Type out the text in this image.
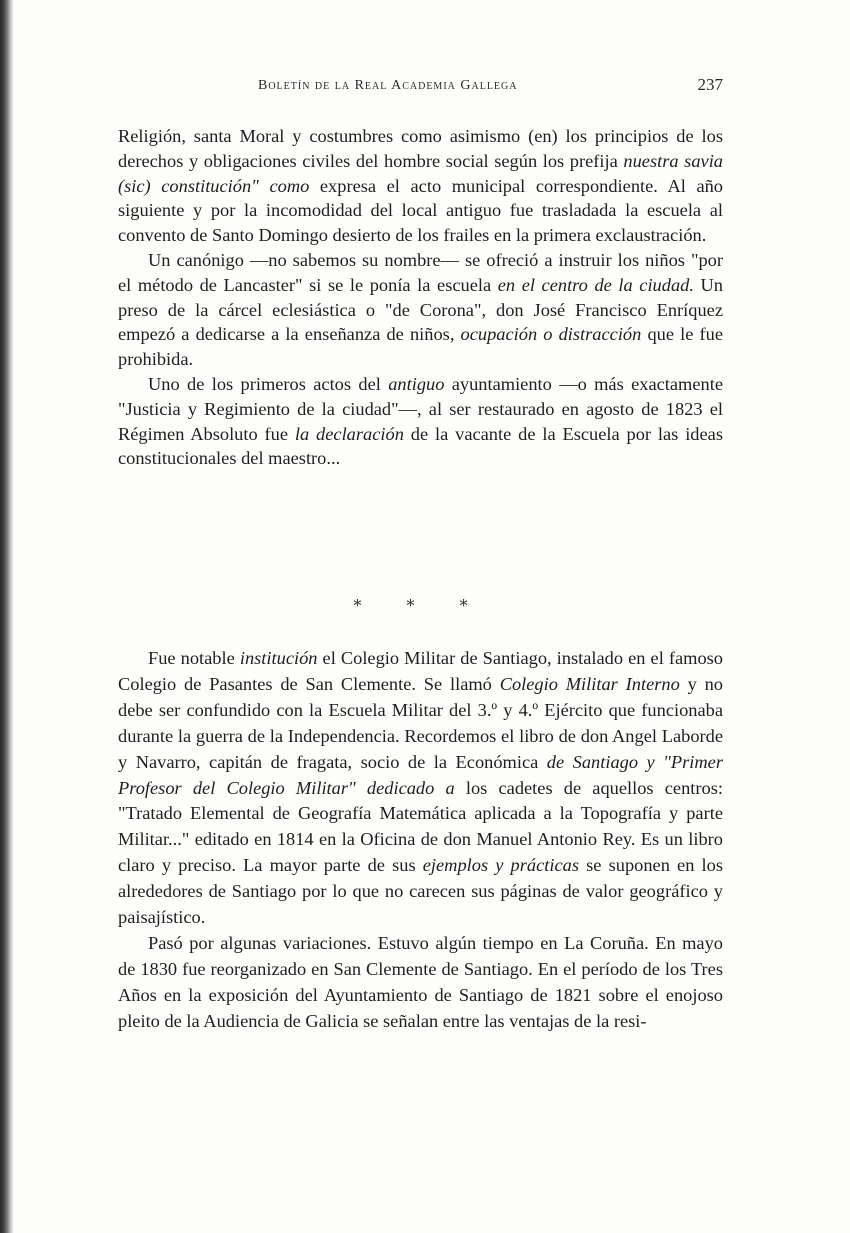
Boletín de la Real Academia Gallega	237

Religión, santa Moral y costumbres como asimismo (en) los principios de los derechos y obligaciones civiles del hombre social según los prefija nuestra savia (sic) constitución" como expresa el acto municipal correspondiente. Al año siguiente y por la incomodidad del local antiguo fue trasladada la escuela al convento de Santo Domingo desierto de los frailes en la primera exclaustración.

Un canónigo —no sabemos su nombre— se ofreció a instruir los niños "por el método de Lancaster" si se le ponía la escuela en el centro de la ciudad. Un preso de la cárcel eclesiástica o "de Corona", don José Francisco Enríquez empezó a dedicarse a la enseñanza de niños, ocupación o distracción que le fue prohibida.

Uno de los primeros actos del antiguo ayuntamiento —o más exactamente "Justicia y Regimiento de la ciudad"—, al ser restaurado en agosto de 1823 el Régimen Absoluto fue la declaración de la vacante de la Escuela por las ideas constitucionales del maestro...

* * *

Fue notable institución el Colegio Militar de Santiago, instalado en el famoso Colegio de Pasantes de San Clemente. Se llamó Colegio Militar Interno y no debe ser confundido con la Escuela Militar del 3.º y 4.º Ejército que funcionaba durante la guerra de la Independencia. Recordemos el libro de don Angel Laborde y Navarro, capitán de fragata, socio de la Económica de Santiago y "Primer Profesor del Colegio Militar" dedicado a los cadetes de aquellos centros: "Tratado Elemental de Geografía Matemática aplicada a la Topografía y parte Militar..." editado en 1814 en la Oficina de don Manuel Antonio Rey. Es un libro claro y preciso. La mayor parte de sus ejemplos y prácticas se suponen en los alrededores de Santiago por lo que no carecen sus páginas de valor geográfico y paisajístico.

Pasó por algunas variaciones. Estuvo algún tiempo en La Coruña. En mayo de 1830 fue reorganizado en San Clemente de Santiago. En el período de los Tres Años en la exposición del Ayuntamiento de Santiago de 1821 sobre el enojoso pleito de la Audiencia de Galicia se señalan entre las ventajas de la resi-
